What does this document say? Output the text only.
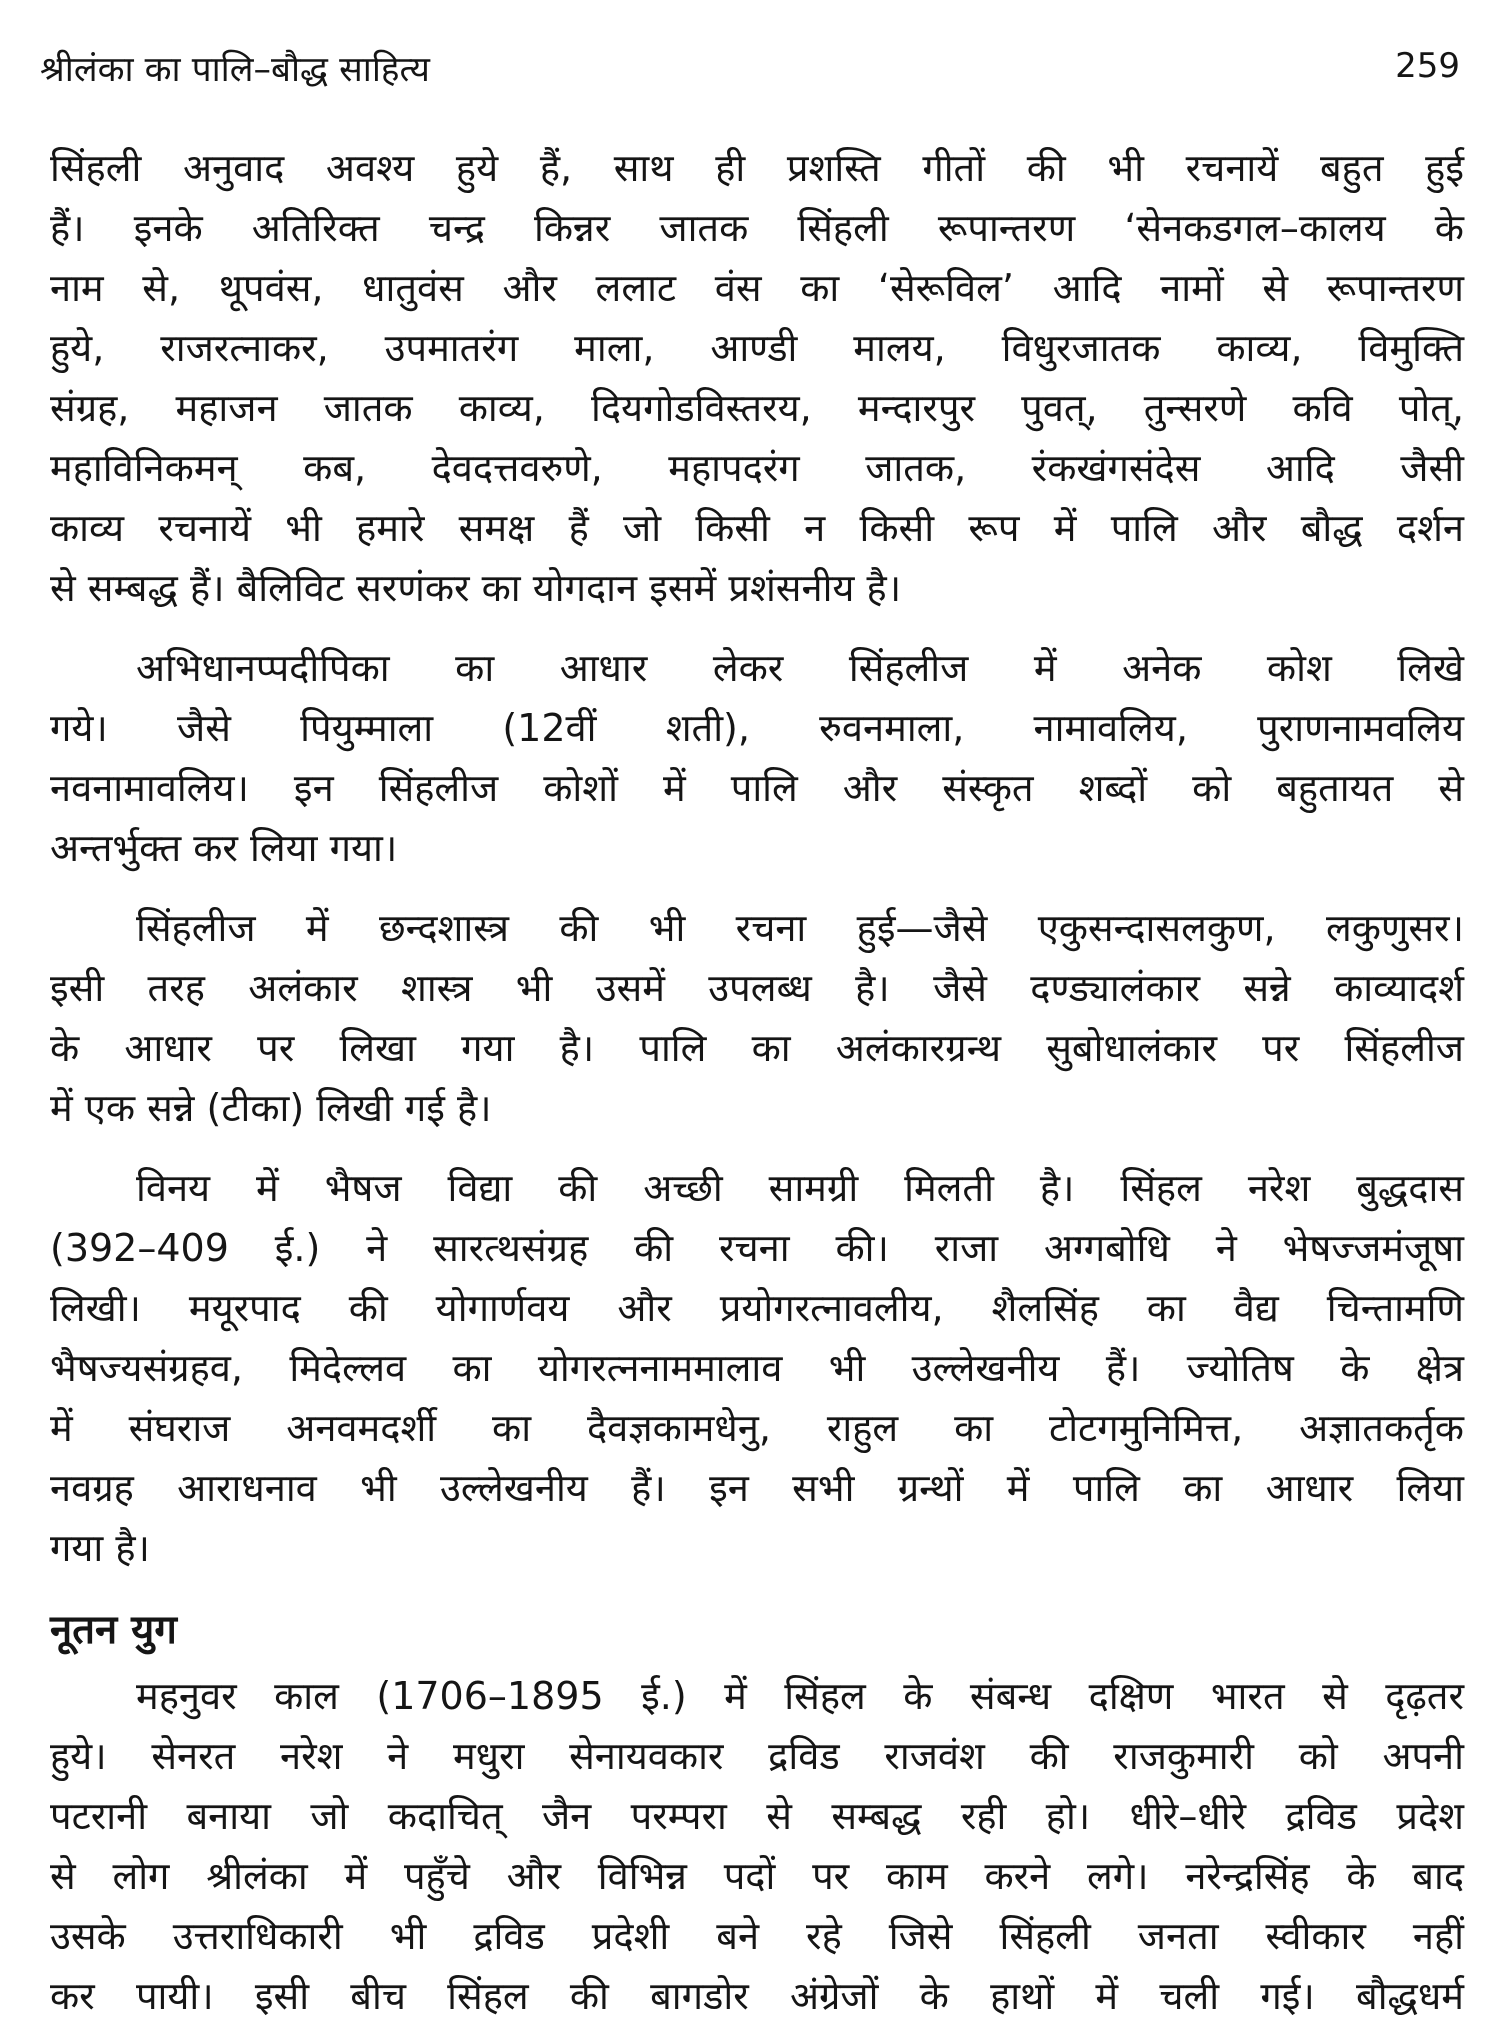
श्रीलंका का पालि–बौद्ध साहित्य	259
सिंहली अनुवाद अवश्य हुये हैं, साथ ही प्रशस्ति गीतों की भी रचनायें बहुत हुई
हैं। इनके अतिरिक्त चन्द्र किन्नर जातक सिंहली रूपान्तरण ‘सेनकडगल–कालय के
नाम से, थूपवंस, धातुवंस और ललाट वंस का ‘सेरूविल’ आदि नामों से रूपान्तरण
हुये, राजरत्नाकर, उपमातरंग माला, आण्डी मालय, विधुरजातक काव्य, विमुक्ति
संग्रह, महाजन जातक काव्य, दियगोडविस्तरय, मन्दारपुर पुवत्, तुन्सरणे कवि पोत्,
महाविनिकमन् कब, देवदत्तवरुणे, महापदरंग जातक, रंकखंगसंदेस आदि जैसी
काव्य रचनायें भी हमारे समक्ष हैं जो किसी न किसी रूप में पालि और बौद्ध दर्शन
से सम्बद्ध हैं। बैलिविट सरणंकर का योगदान इसमें प्रशंसनीय है।
अभिधानप्पदीपिका का आधार लेकर सिंहलीज में अनेक कोश लिखे
गये। जैसे पियुम्माला (12वीं शती), रुवनमाला, नामावलिय, पुराणनामवलिय
नवनामावलिय। इन सिंहलीज कोशों में पालि और संस्कृत शब्दों को बहुतायत से
अन्तर्भुक्त कर लिया गया।
सिंहलीज में छन्दशास्त्र की भी रचना हुई—जैसे एकुसन्दासलकुण, लकुणुसर।
इसी तरह अलंकार शास्त्र भी उसमें उपलब्ध है। जैसे दण्ड्यालंकार सन्ने काव्यादर्श
के आधार पर लिखा गया है। पालि का अलंकारग्रन्थ सुबोधालंकार पर सिंहलीज
में एक सन्ने (टीका) लिखी गई है।
विनय में भैषज विद्या की अच्छी सामग्री मिलती है। सिंहल नरेश बुद्धदास
(392–409 ई.) ने सारत्थसंग्रह की रचना की। राजा अग्गबोधि ने भेषज्जमंजूषा
लिखी। मयूरपाद की योगार्णवय और प्रयोगरत्नावलीय, शैलसिंह का वैद्य चिन्तामणि
भैषज्यसंग्रहव, मिदेल्लव का योगरत्ननाममालाव भी उल्लेखनीय हैं। ज्योतिष के क्षेत्र
में संघराज अनवमदर्शी का दैवज्ञकामधेनु, राहुल का टोटगमुनिमित्त, अज्ञातकर्तृक
नवग्रह आराधनाव भी उल्लेखनीय हैं। इन सभी ग्रन्थों में पालि का आधार लिया
गया है।
नूतन युग
महनुवर काल (1706–1895 ई.) में सिंहल के संबन्ध दक्षिण भारत से दृढ़तर
हुये। सेनरत नरेश ने मधुरा सेनायवकार द्रविड राजवंश की राजकुमारी को अपनी
पटरानी बनाया जो कदाचित् जैन परम्परा से सम्बद्ध रही हो। धीरे–धीरे द्रविड प्रदेश
से लोग श्रीलंका में पहुँचे और विभिन्न पदों पर काम करने लगे। नरेन्द्रसिंह के बाद
उसके उत्तराधिकारी भी द्रविड प्रदेशी बने रहे जिसे सिंहली जनता स्वीकार नहीं
कर पायी। इसी बीच सिंहल की बागडोर अंग्रेजों के हाथों में चली गई। बौद्धधर्म
